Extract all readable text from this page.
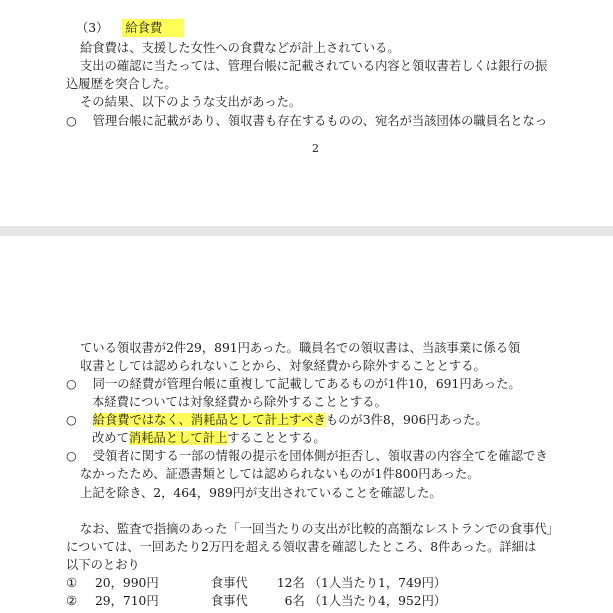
（3） 給食費
給食費は、支援した女性への食費などが計上されている。
支出の確認に当たっては、管理台帳に記載されている内容と領収書若しくは銀行の振
込履歴を突合した。
その結果、以下のような支出があった。
○ 管理台帳に記載があり、領収書も存在するものの、宛名が当該団体の職員名となっ
2
ている領収書が2件29，891円あった。職員名での領収書は、当該事業に係る領
収書としては認められないことから、対象経費から除外することとする。
○ 同一の経費が管理台帳に重複して記載してあるものが1件10，691円あった。
本経費については対象経費から除外することとする。
○ 給食費ではなく、消耗品として計上すべきものが3件8，906円あった。
改めて消耗品として計上することとする。
○ 受領者に関する一部の情報の提示を団体側が拒否し、領収書の内容全てを確認でき
なかったため、証憑書類としては認められないものが1件800円あった。
上記を除き、2，464，989円が支出されていることを確認した。
なお、監査で指摘のあった「一回当たりの支出が比較的高額なレストランでの食事代」
については、一回あたり2万円を超える領収書を確認したところ、8件あった。詳細は
以下のとおり
① 20，990円	食事代 12名 （1人当たり1，749円）
② 29，710円	食事代	6名 （1人当たり4，952円）
